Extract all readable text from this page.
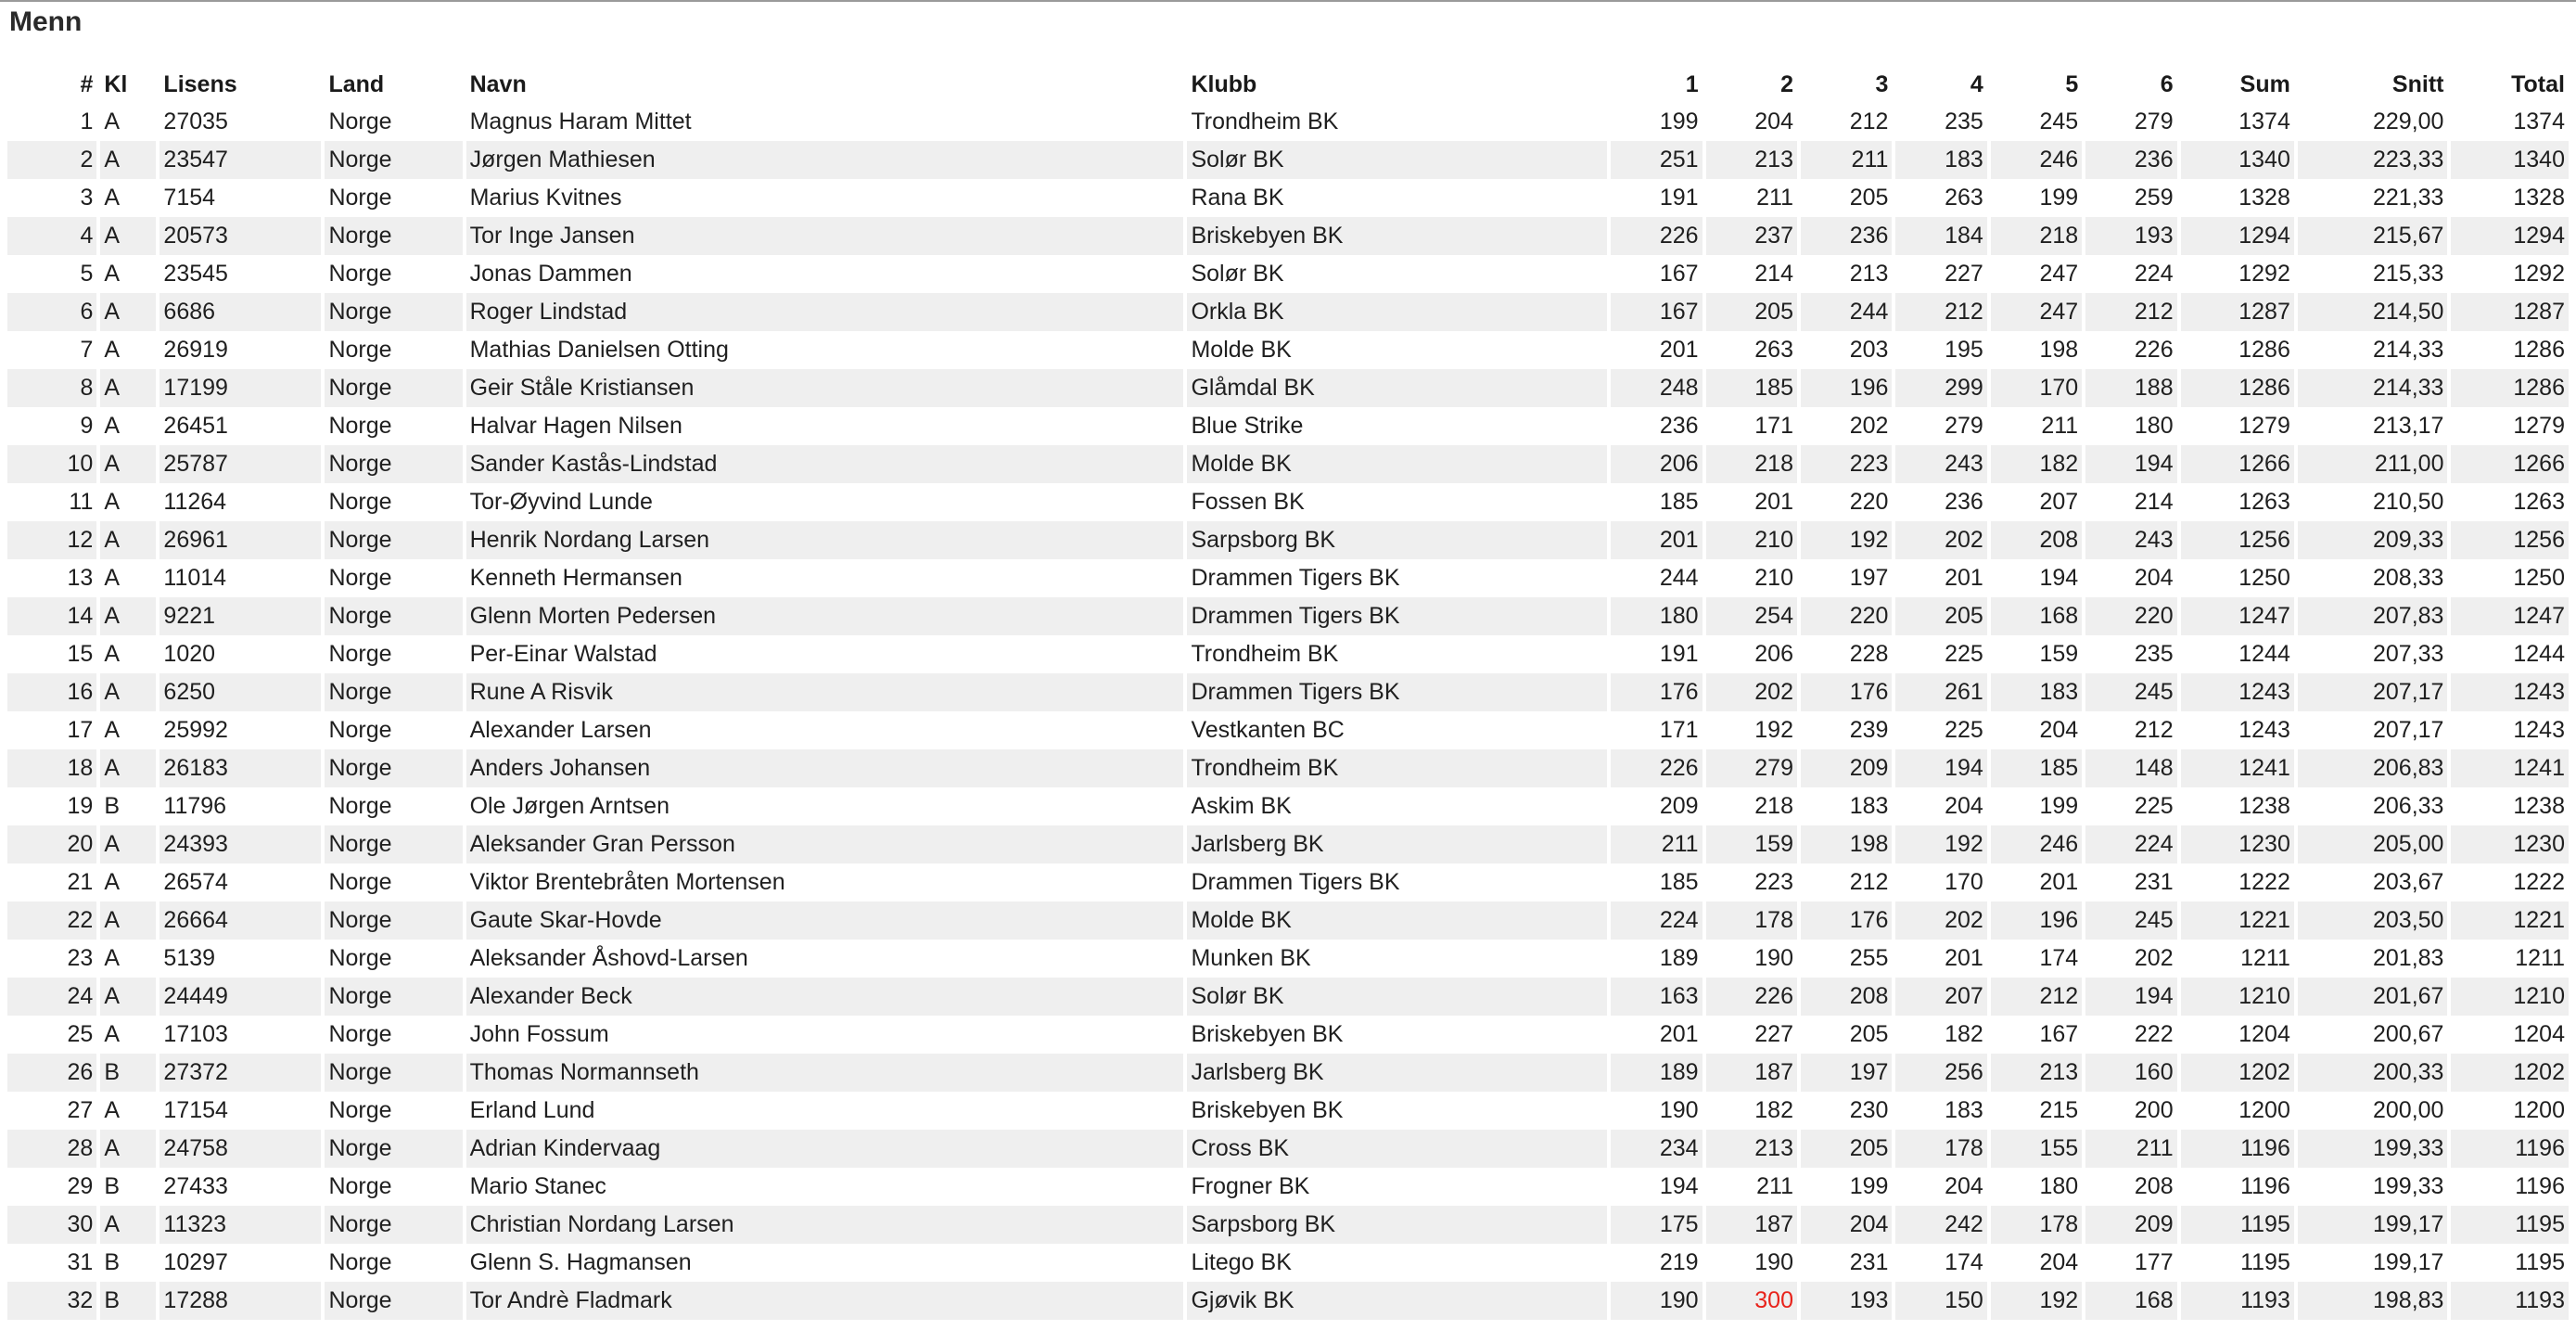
Menn
#	Kl	Lisens	Land	Navn	Klubb	1	2	3	4	5	6	Sum	Snitt	Total
1	A	27035	Norge	Magnus Haram Mittet	Trondheim BK	199	204	212	235	245	279	1374	229,00	1374
2	A	23547	Norge	Jørgen Mathiesen	Solør BK	251	213	211	183	246	236	1340	223,33	1340
3	A	7154	Norge	Marius Kvitnes	Rana BK	191	211	205	263	199	259	1328	221,33	1328
4	A	20573	Norge	Tor Inge Jansen	Briskebyen BK	226	237	236	184	218	193	1294	215,67	1294
5	A	23545	Norge	Jonas Dammen	Solør BK	167	214	213	227	247	224	1292	215,33	1292
6	A	6686	Norge	Roger Lindstad	Orkla BK	167	205	244	212	247	212	1287	214,50	1287
7	A	26919	Norge	Mathias Danielsen Otting	Molde BK	201	263	203	195	198	226	1286	214,33	1286
8	A	17199	Norge	Geir Ståle Kristiansen	Glåmdal BK	248	185	196	299	170	188	1286	214,33	1286
9	A	26451	Norge	Halvar Hagen Nilsen	Blue Strike	236	171	202	279	211	180	1279	213,17	1279
10	A	25787	Norge	Sander Kastås-Lindstad	Molde BK	206	218	223	243	182	194	1266	211,00	1266
11	A	11264	Norge	Tor-Øyvind Lunde	Fossen BK	185	201	220	236	207	214	1263	210,50	1263
12	A	26961	Norge	Henrik Nordang Larsen	Sarpsborg BK	201	210	192	202	208	243	1256	209,33	1256
13	A	11014	Norge	Kenneth Hermansen	Drammen Tigers BK	244	210	197	201	194	204	1250	208,33	1250
14	A	9221	Norge	Glenn Morten Pedersen	Drammen Tigers BK	180	254	220	205	168	220	1247	207,83	1247
15	A	1020	Norge	Per-Einar Walstad	Trondheim BK	191	206	228	225	159	235	1244	207,33	1244
16	A	6250	Norge	Rune A Risvik	Drammen Tigers BK	176	202	176	261	183	245	1243	207,17	1243
17	A	25992	Norge	Alexander Larsen	Vestkanten BC	171	192	239	225	204	212	1243	207,17	1243
18	A	26183	Norge	Anders Johansen	Trondheim BK	226	279	209	194	185	148	1241	206,83	1241
19	B	11796	Norge	Ole Jørgen Arntsen	Askim BK	209	218	183	204	199	225	1238	206,33	1238
20	A	24393	Norge	Aleksander Gran Persson	Jarlsberg BK	211	159	198	192	246	224	1230	205,00	1230
21	A	26574	Norge	Viktor Brentebråten Mortensen	Drammen Tigers BK	185	223	212	170	201	231	1222	203,67	1222
22	A	26664	Norge	Gaute Skar-Hovde	Molde BK	224	178	176	202	196	245	1221	203,50	1221
23	A	5139	Norge	Aleksander Åshovd-Larsen	Munken BK	189	190	255	201	174	202	1211	201,83	1211
24	A	24449	Norge	Alexander Beck	Solør BK	163	226	208	207	212	194	1210	201,67	1210
25	A	17103	Norge	John Fossum	Briskebyen BK	201	227	205	182	167	222	1204	200,67	1204
26	B	27372	Norge	Thomas Normannseth	Jarlsberg BK	189	187	197	256	213	160	1202	200,33	1202
27	A	17154	Norge	Erland Lund	Briskebyen BK	190	182	230	183	215	200	1200	200,00	1200
28	A	24758	Norge	Adrian Kindervaag	Cross BK	234	213	205	178	155	211	1196	199,33	1196
29	B	27433	Norge	Mario Stanec	Frogner BK	194	211	199	204	180	208	1196	199,33	1196
30	A	11323	Norge	Christian Nordang Larsen	Sarpsborg BK	175	187	204	242	178	209	1195	199,17	1195
31	B	10297	Norge	Glenn S. Hagmansen	Litego BK	219	190	231	174	204	177	1195	199,17	1195
32	B	17288	Norge	Tor Andrè Fladmark	Gjøvik BK	190	300	193	150	192	168	1193	198,83	1193
